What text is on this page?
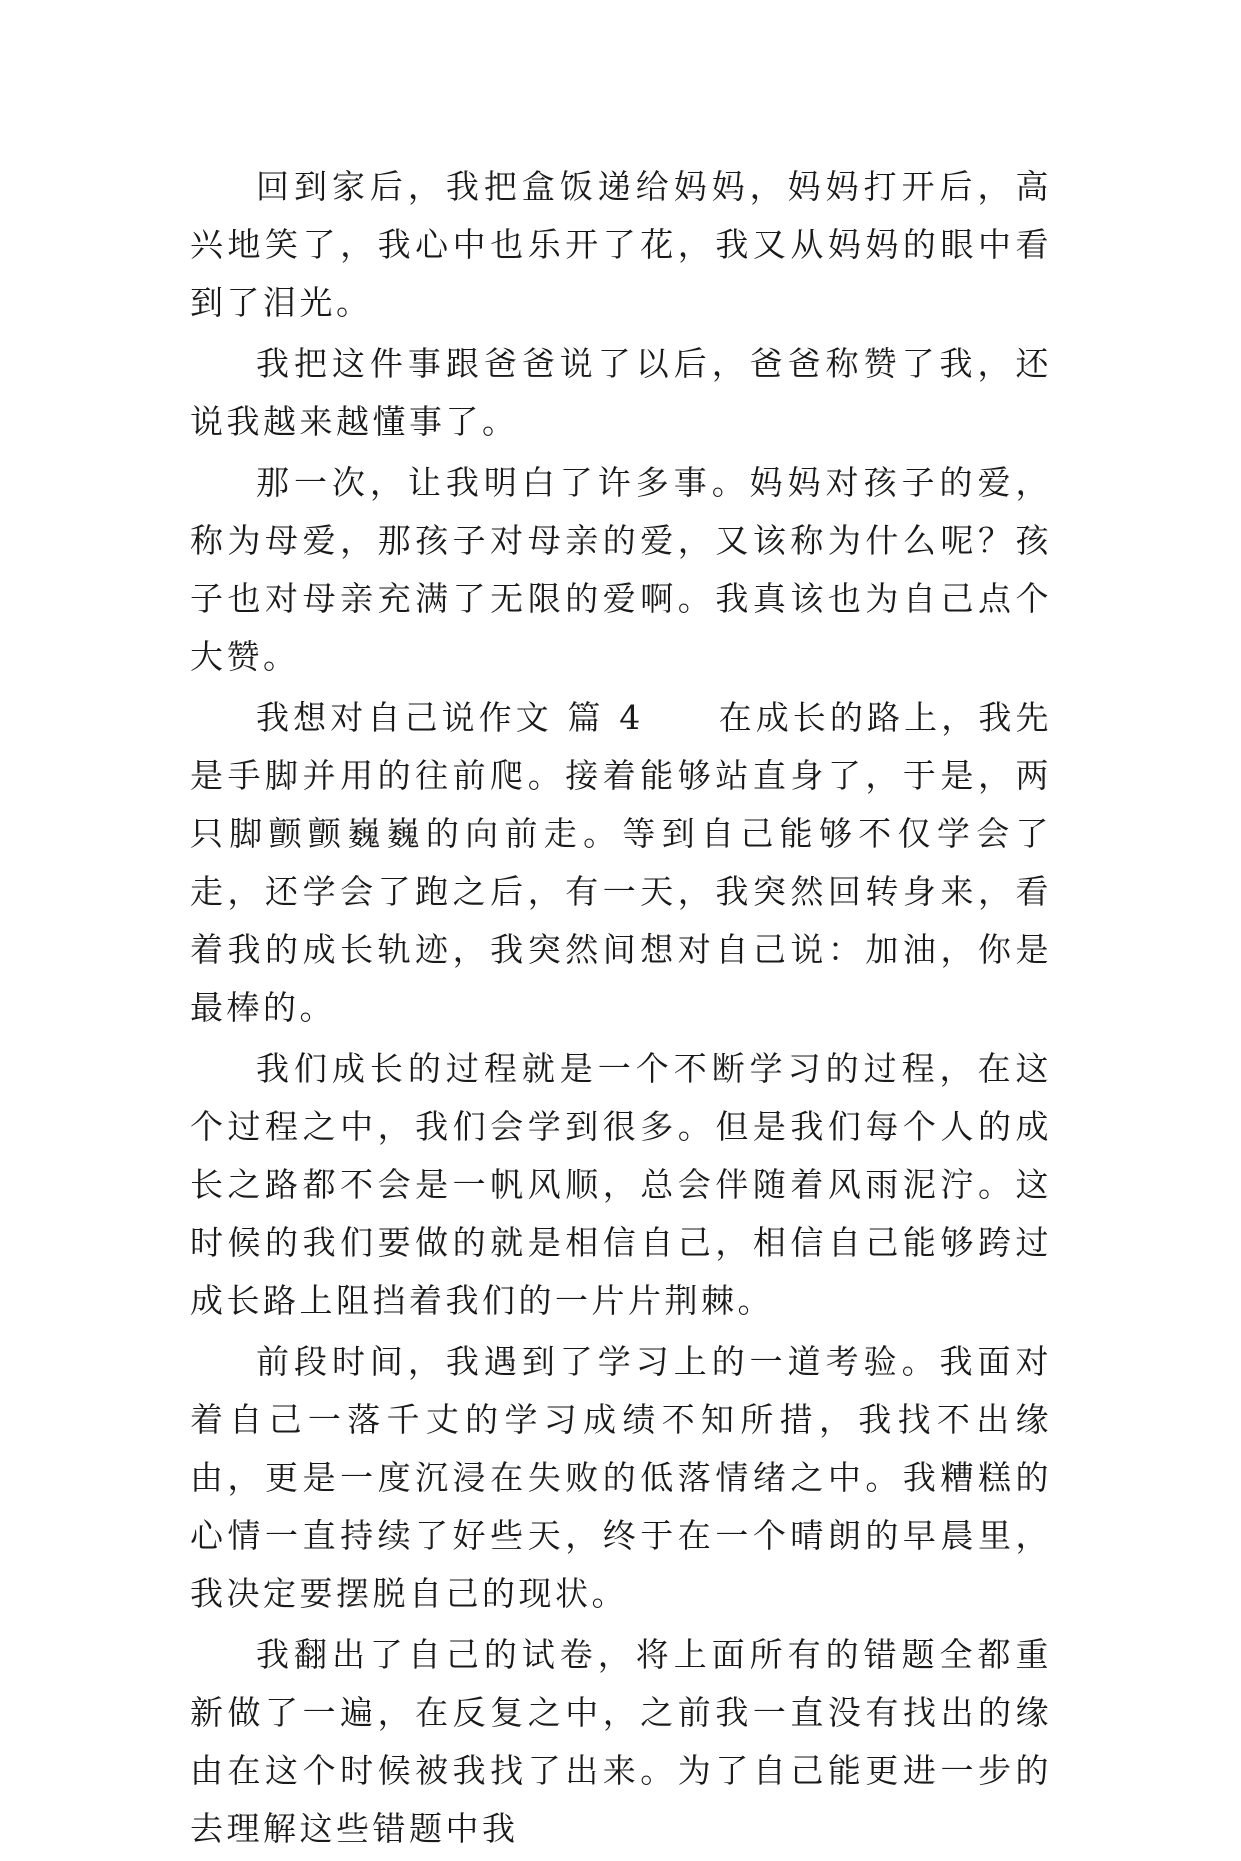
回到家后，我把盒饭递给妈妈，妈妈打开后，高兴地笑了，我心中也乐开了花，我又从妈妈的眼中看到了泪光。

我把这件事跟爸爸说了以后，爸爸称赞了我，还说我越来越懂事了。

那一次，让我明白了许多事。妈妈对孩子的爱，称为母爱，那孩子对母亲的爱，又该称为什么呢？孩子也对母亲充满了无限的爱啊。我真该也为自己点个大赞。

我想对自己说作文 篇 4　　在成长的路上，我先是手脚并用的往前爬。接着能够站直身了，于是，两只脚颤颤巍巍的向前走。等到自己能够不仅学会了走，还学会了跑之后，有一天，我突然回转身来，看着我的成长轨迹，我突然间想对自己说：加油，你是最棒的。

我们成长的过程就是一个不断学习的过程，在这个过程之中，我们会学到很多。但是我们每个人的成长之路都不会是一帆风顺，总会伴随着风雨泥泞。这时候的我们要做的就是相信自己，相信自己能够跨过成长路上阻挡着我们的一片片荆棘。

前段时间，我遇到了学习上的一道考验。我面对着自己一落千丈的学习成绩不知所措，我找不出缘由，更是一度沉浸在失败的低落情绪之中。我糟糕的心情一直持续了好些天，终于在一个晴朗的早晨里，我决定要摆脱自己的现状。

我翻出了自己的试卷，将上面所有的错题全都重新做了一遍，在反复之中，之前我一直没有找出的缘由在这个时候被我找了出来。为了自己能更进一步的去理解这些错题中我
